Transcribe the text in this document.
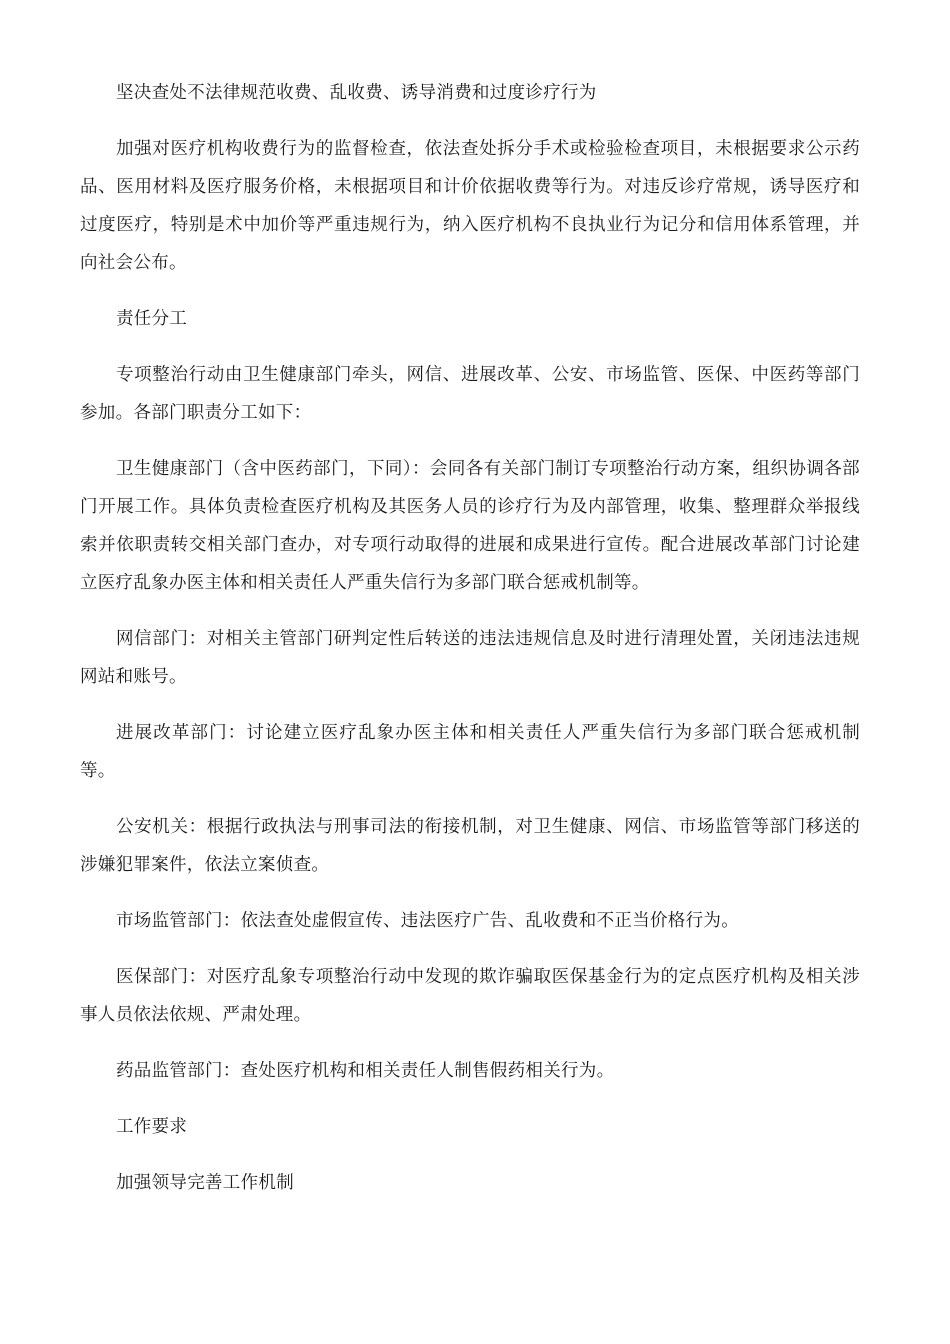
坚决查处不法律规范收费、乱收费、诱导消费和过度诊疗行为

加强对医疗机构收费行为的监督检查，依法查处拆分手术或检验检查项目，未根据要求公示药品、医用材料及医疗服务价格，未根据项目和计价依据收费等行为。对违反诊疗常规，诱导医疗和过度医疗，特别是术中加价等严重违规行为，纳入医疗机构不良执业行为记分和信用体系管理，并向社会公布。

责任分工

专项整治行动由卫生健康部门牵头，网信、进展改革、公安、市场监管、医保、中医药等部门参加。各部门职责分工如下：

卫生健康部门（含中医药部门，下同）：会同各有关部门制订专项整治行动方案，组织协调各部门开展工作。具体负责检查医疗机构及其医务人员的诊疗行为及内部管理，收集、整理群众举报线索并依职责转交相关部门查办，对专项行动取得的进展和成果进行宣传。配合进展改革部门讨论建立医疗乱象办医主体和相关责任人严重失信行为多部门联合惩戒机制等。

网信部门：对相关主管部门研判定性后转送的违法违规信息及时进行清理处置，关闭违法违规网站和账号。

进展改革部门：讨论建立医疗乱象办医主体和相关责任人严重失信行为多部门联合惩戒机制等。

公安机关：根据行政执法与刑事司法的衔接机制，对卫生健康、网信、市场监管等部门移送的涉嫌犯罪案件，依法立案侦查。

市场监管部门：依法查处虚假宣传、违法医疗广告、乱收费和不正当价格行为。

医保部门：对医疗乱象专项整治行动中发现的欺诈骗取医保基金行为的定点医疗机构及相关涉事人员依法依规、严肃处理。

药品监管部门：查处医疗机构和相关责任人制售假药相关行为。

工作要求

加强领导完善工作机制
